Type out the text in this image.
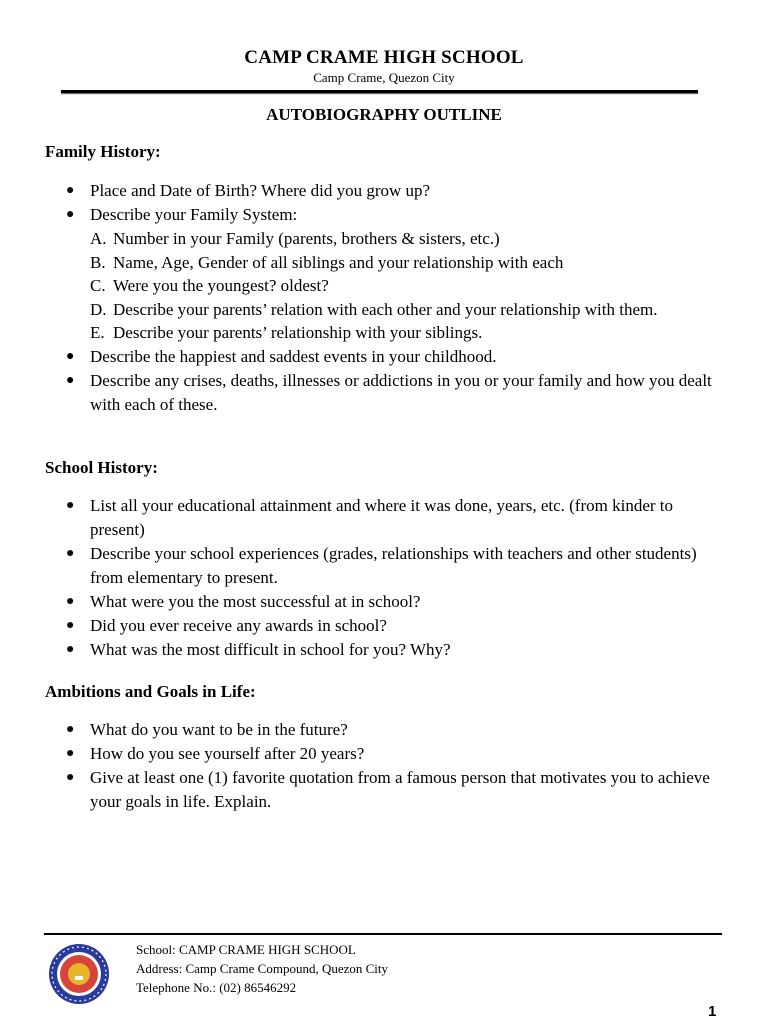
CAMP CRAME HIGH SCHOOL
Camp Crame, Quezon City
AUTOBIOGRAPHY OUTLINE
Family History:
● Place and Date of Birth? Where did you grow up?
● Describe your Family System:
A. Number in your Family (parents, brothers & sisters, etc.)
B. Name, Age, Gender of all siblings and your relationship with each
C. Were you the youngest? oldest?
D. Describe your parents’ relation with each other and your relationship with them.
E. Describe your parents’ relationship with your siblings.
● Describe the happiest and saddest events in your childhood.
● Describe any crises, deaths, illnesses or addictions in you or your family and how you dealt with each of these.
School History:
● List all your educational attainment and where it was done, years, etc. (from kinder to present)
● Describe your school experiences (grades, relationships with teachers and other students) from elementary to present.
● What were you the most successful at in school?
● Did you ever receive any awards in school?
● What was the most difficult in school for you? Why?
Ambitions and Goals in Life:
● What do you want to be in the future?
● How do you see yourself after 20 years?
● Give at least one (1) favorite quotation from a famous person that motivates you to achieve your goals in life. Explain.
School: CAMP CRAME HIGH SCHOOL
Address: Camp Crame Compound, Quezon City
Telephone No.: (02) 86546292
1
